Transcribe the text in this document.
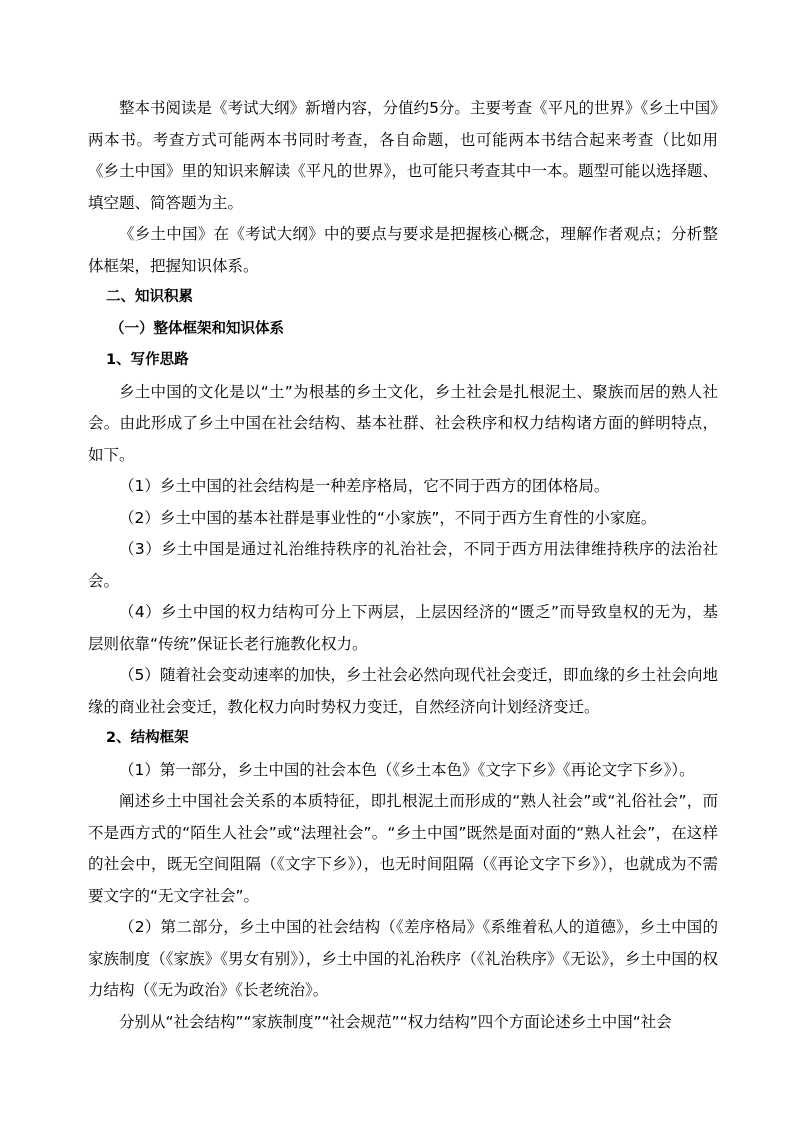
整本书阅读是《考试大纲》新增内容，分值约5分。主要考查《平凡的世界》《乡土中国》两本书。考查方式可能两本书同时考查，各自命题，也可能两本书结合起来考查（比如用《乡土中国》里的知识来解读《平凡的世界》，也可能只考查其中一本。题型可能以选择题、填空题、简答题为主。

《乡土中国》在《考试大纲》中的要点与要求是把握核心概念，理解作者观点；分析整体框架，把握知识体系。

二、知识积累

（一）整体框架和知识体系

1、写作思路

乡土中国的文化是以“土”为根基的乡土文化，乡土社会是扎根泥土、聚族而居的熟人社会。由此形成了乡土中国在社会结构、基本社群、社会秩序和权力结构诸方面的鲜明特点，如下。

（1）乡土中国的社会结构是一种差序格局，它不同于西方的团体格局。

（2）乡土中国的基本社群是事业性的“小家族”，不同于西方生育性的小家庭。

（3）乡土中国是通过礼治维持秩序的礼治社会，不同于西方用法律维持秩序的法治社会。

（4）乡土中国的权力结构可分上下两层，上层因经济的“匮乏”而导致皇权的无为，基层则依靠“传统”保证长老行施教化权力。

（5）随着社会变动速率的加快，乡土社会必然向现代社会变迁，即血缘的乡土社会向地缘的商业社会变迁，教化权力向时势权力变迁，自然经济向计划经济变迁。

2、结构框架

（1）第一部分，乡土中国的社会本色（《乡土本色》《文字下乡》《再论文字下乡》）。

阐述乡土中国社会关系的本质特征，即扎根泥土而形成的“熟人社会”或“礼俗社会”，而不是西方式的“陌生人社会”或“法理社会”。“乡土中国”既然是面对面的“熟人社会”，在这样的社会中，既无空间阻隔（《文字下乡》），也无时间阻隔（《再论文字下乡》），也就成为不需要文字的“无文字社会”。

（2）第二部分，乡土中国的社会结构（《差序格局》《系维着私人的道德》，乡土中国的家族制度（《家族》《男女有别》），乡土中国的礼治秩序（《礼治秩序》《无讼》，乡土中国的权力结构（《无为政治》《长老统治》。

分别从“社会结构”“家族制度”“社会规范”“权力结构”四个方面论述乡土中国“社会
